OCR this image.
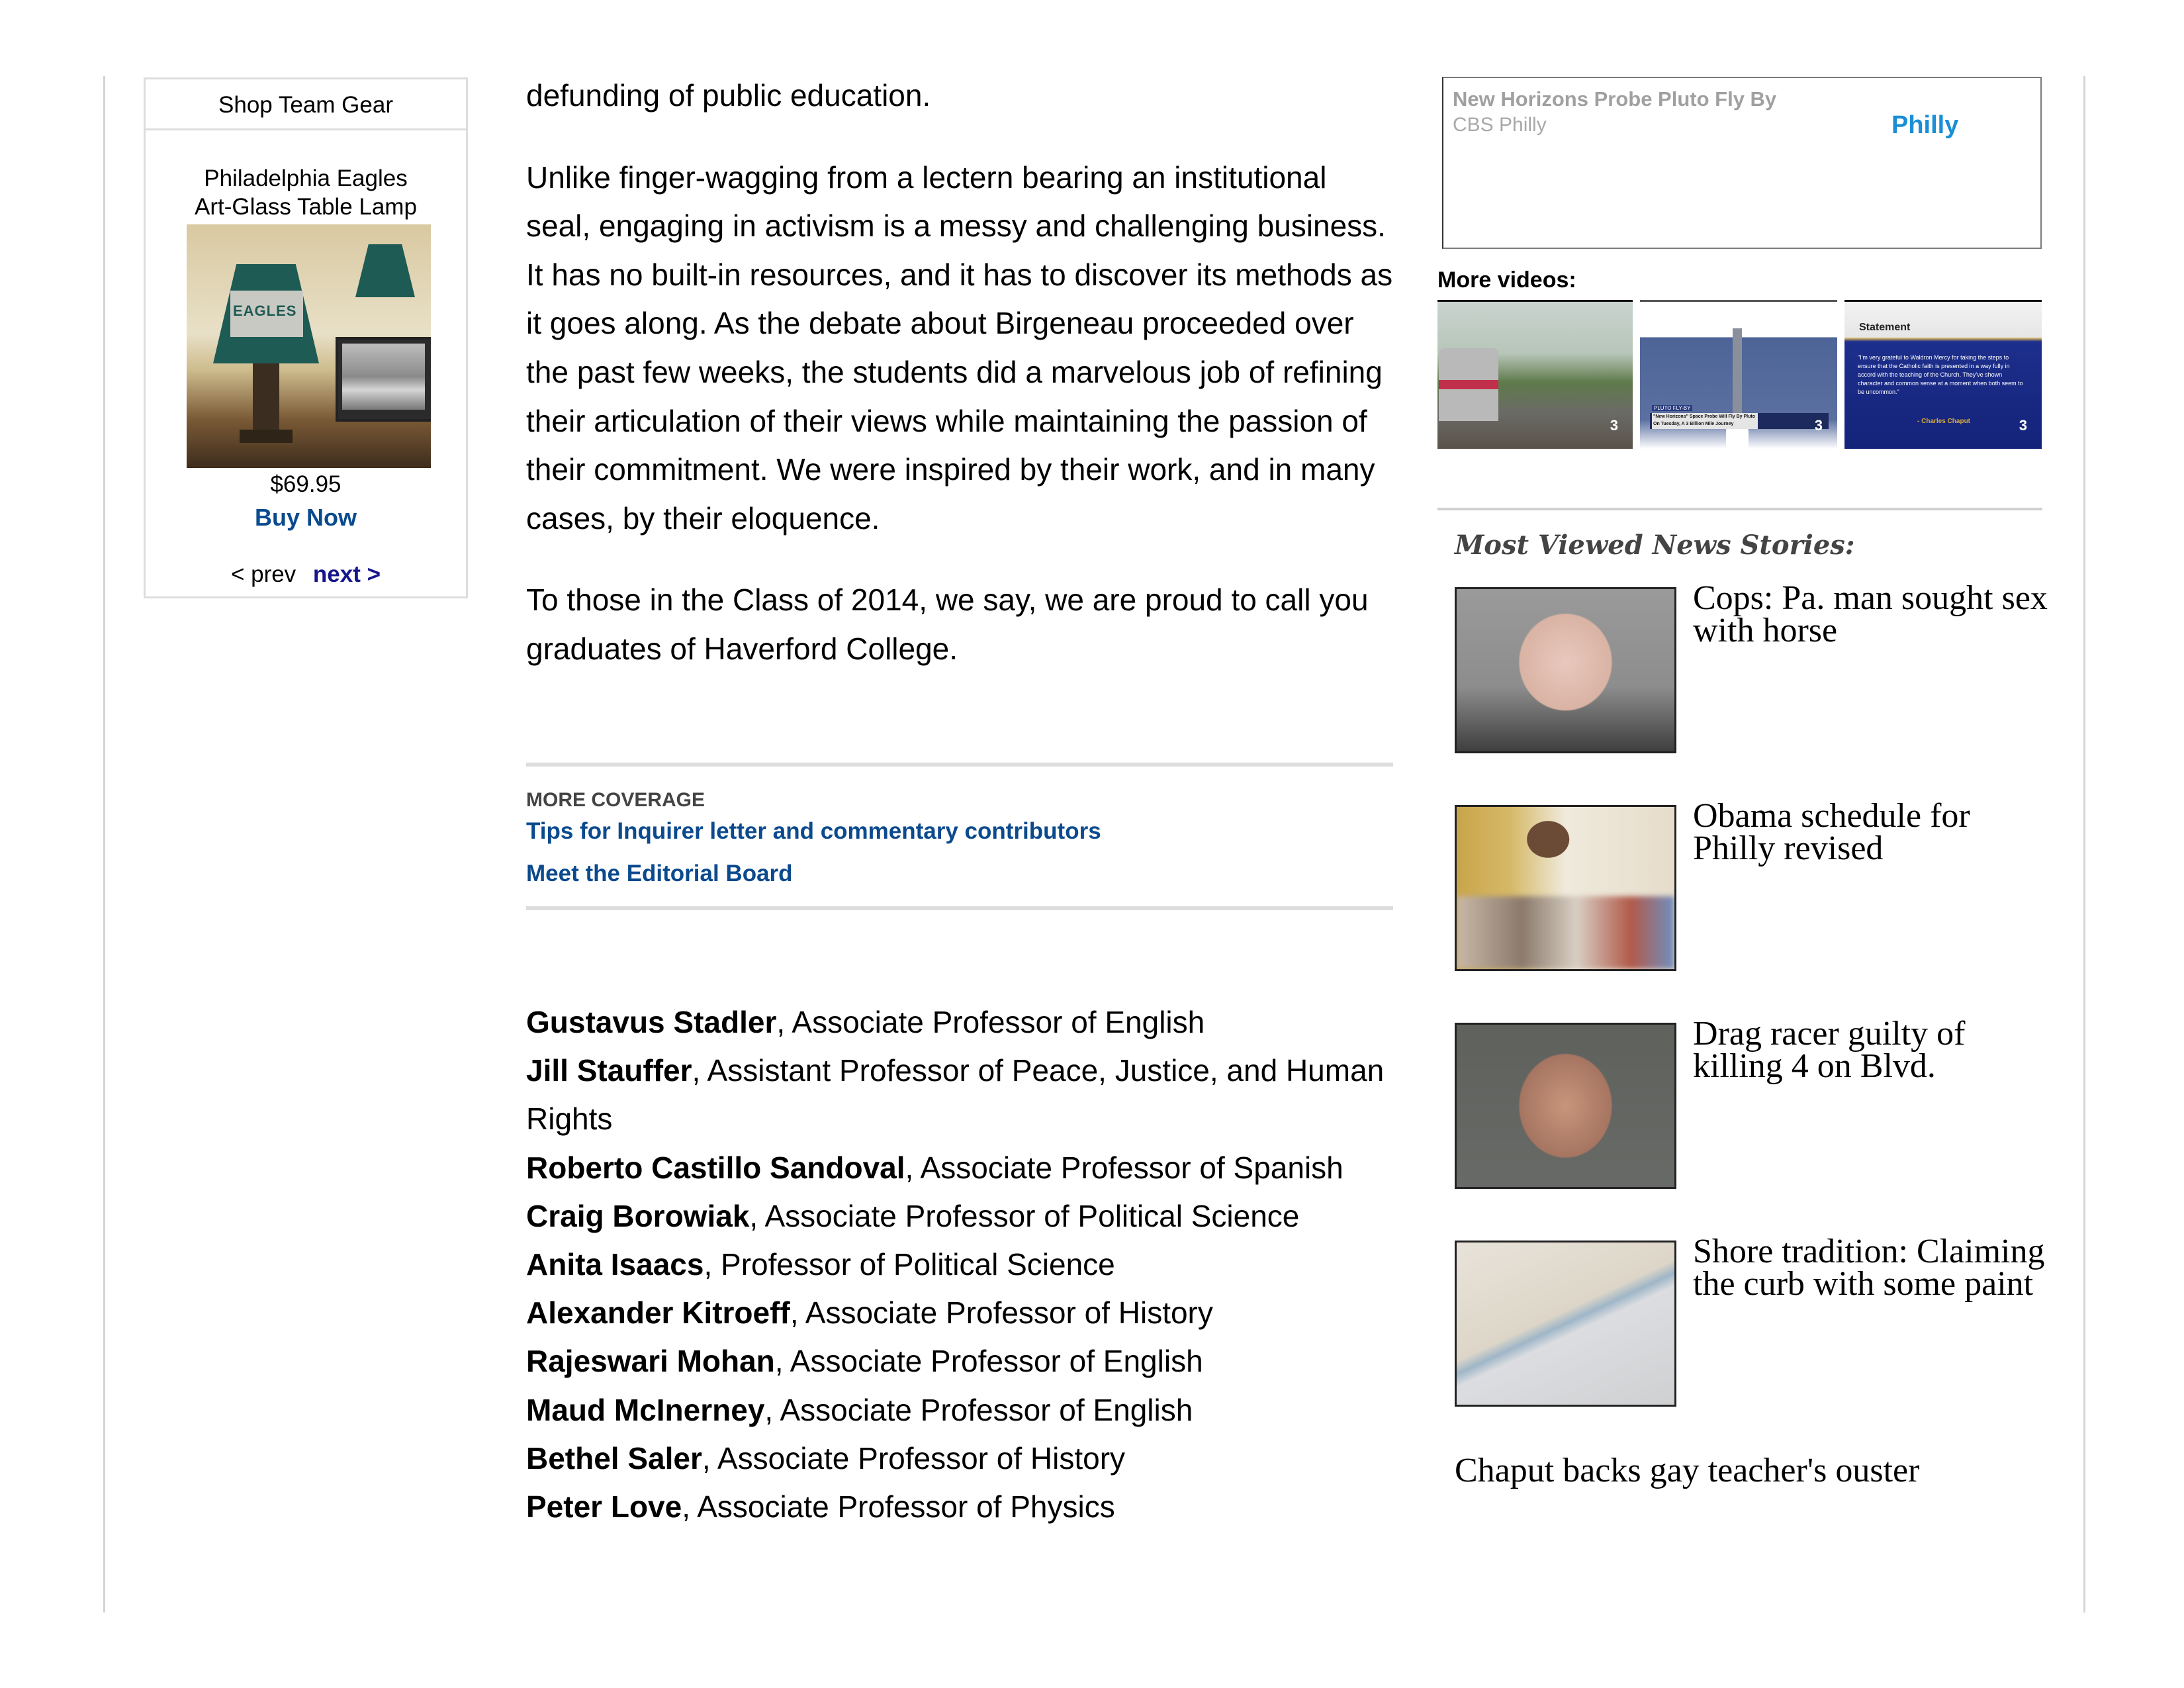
Shop Team Gear
Philadelphia Eagles
Art-Glass Table Lamp
EAGLES
$69.95
Buy Now
< prev next >

defunding of public education.

Unlike finger-wagging from a lectern bearing an institutional seal, engaging in activism is a messy and challenging business. It has no built-in resources, and it has to discover its methods as it goes along. As the debate about Birgeneau proceeded over the past few weeks, the students did a marvelous job of refining their articulation of their views while maintaining the passion of their commitment. We were inspired by their work, and in many cases, by their eloquence.

To those in the Class of 2014, we say, we are proud to call you graduates of Haverford College.

MORE COVERAGE
Tips for Inquirer letter and commentary contributors
Meet the Editorial Board
Gustavus Stadler, Associate Professor of English
Jill Stauffer, Assistant Professor of Peace, Justice, and Human Rights
Roberto Castillo Sandoval, Associate Professor of Spanish
Craig Borowiak, Associate Professor of Political Science
Anita Isaacs, Professor of Political Science
Alexander Kitroeff, Associate Professor of History
Rajeswari Mohan, Associate Professor of English
Maud McInerney, Associate Professor of English
Bethel Saler, Associate Professor of History
Peter Love, Associate Professor of Physics
New Horizons Probe Pluto Fly By
CBS Philly	Philly
More videos:
3
PLUTO FLY-BY
"New Horizons" Space Probe Will Fly By Pluto On Tuesday, A 3 Billion Mile Journey	3
Statement
"I'm very grateful to Waldron Mercy for taking the steps to ensure that the Catholic faith is presented in a way fully in accord with the teaching of the Church. They've shown character and common sense at a moment when both seem to be uncommon."
- Charles Chaput	3
Most Viewed News Stories:
Cops: Pa. man sought sex with horse
Obama schedule for Philly revised
Drag racer guilty of killing 4 on Blvd.
Shore tradition: Claiming the curb with some paint
Chaput backs gay teacher's ouster
